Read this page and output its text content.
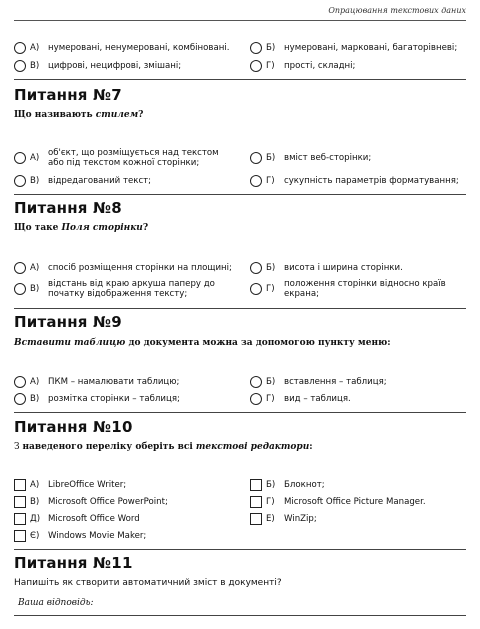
Опрацювання текстових даних
А)	нумеровані, ненумеровані, комбіновані.	Б)	нумеровані, марковані, багаторівневі;
В)	цифрові, нецифрові, змішані;	Г)	прості, складні;
Питання №7
Що називають стилем?
А)	об'єкт, що розміщується над текстом або під текстом кожної сторінки;	Б)	вміст веб-сторінки;
В)	відредагований текст;	Г)	сукупність параметрів форматування;
Питання №8
Що таке Поля сторінки?
А)	спосіб розміщення сторінки на площині;	Б)	висота і ширина сторінки.
В)	відстань від краю аркуша паперу до початку відображення тексту;	Г)	положення сторінки відносно країв екрана;
Питання №9
Вставити таблицю до документа можна за допомогою пункту меню:
А)	ПКМ – намалювати таблицю;	Б)	вставлення – таблиця;
В)	розмітка сторінки – таблиця;	Г)	вид – таблиця.
Питання №10
З наведеного переліку оберіть всі текстові редактори:
А)	LibreOffice Writer;	Б)	Блокнот;
В)	Microsoft Office PowerPoint;	Г)	Microsoft Office Picture Manager.
Д) Microsoft Office Word	Е)	WinZip;
Є)	Windows Movie Maker;
Питання №11
Напишіть як створити автоматичний зміст в документі?
Ваша відповідь:
